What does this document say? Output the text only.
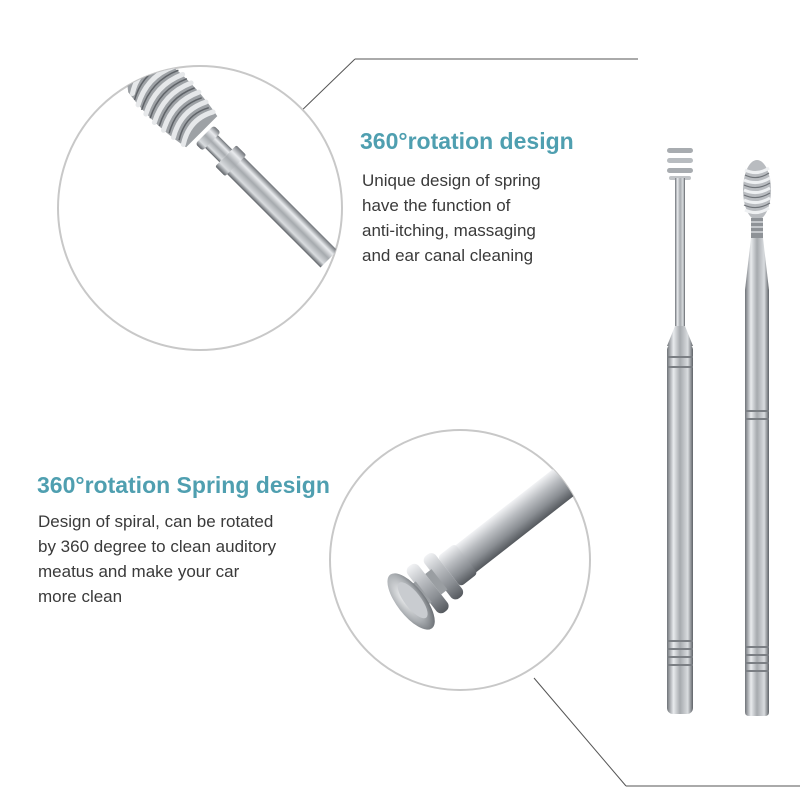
360°rotation design

Unique design of spring
have the function of
anti-itching, massaging
and ear canal cleaning

360°rotation Spring design

Design of spiral, can be rotated
by 360 degree to clean auditory
meatus and make your car
more clean
